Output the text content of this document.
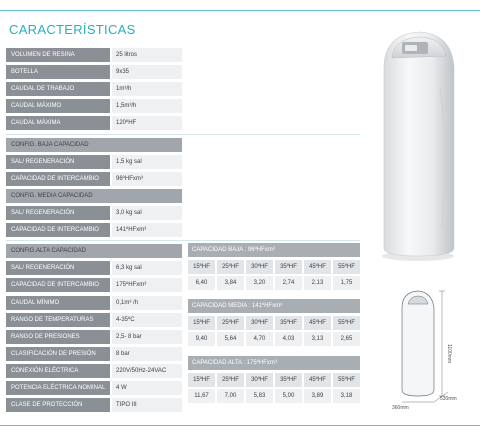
CARACTERÍSTICAS
VOLUMEN DE RESINA	25 litros
BOTELLA	9x35
CAUDAL DE TRABAJO	1m³/h
CAUDAL MÁXIMO	1,5m³/h
CAUDAL MÁXIMA	120ºHF
CONFIG. BAJA CAPACIDAD
SAL/ REGENERACIÓN	1,5 kg sal
CAPACIDAD DE INTERCAMBIO	96ºHFxm³
CONFIG. MEDIA CAPACIDAD
SAL/ REGENERACIÓN	3,0 kg sal
CAPACIDAD DE INTERCAMBIO	141ºHFxm³
CONFIG.ALTA CAPACIDAD
SAL/ REGENERACIÓN	6,3 kg sal
CAPACIDAD DE INTERCAMBIO	175ºHFxm³
CAUDAL MÍNIMO	0,1m³ /h
RANGO DE TEMPERATURAS	4-35ºC
RANGO DE PRESIONES	2,5- 8 bar
CLASIFICACIÓN DE PRESIÓN	8 bar
CONEXIÓN ELÉCTRICA	220V/50Hz-24VAC
POTENCIA ELÉCTRICA NOMINAL	4 W
CLASE DE PROTECCIÓN	TIPO III
CAPACIDAD BAJA : 96ºHFxm³
15ºHF	25ºHF	30ºHF	35ºHF	45ºHF	55ºHF
6,40	3,84	3,20	2,74	2,13	1,75
CAPACIDAD MEDIA : 141ºHFxm³
15ºHF	25ºHF	30ºHF	35ºHF	45ºHF	55ºHF
9,40	5,64	4,70	4,03	3,13	2,65
CAPACIDAD ALTA : 175ºHFxm³
15ºHF	25ºHF	30ºHF	35ºHF	45ºHF	55ºHF
11,67	7,00	5,83	5,00	3,89	3,18
1100mm
360mm
530mm
